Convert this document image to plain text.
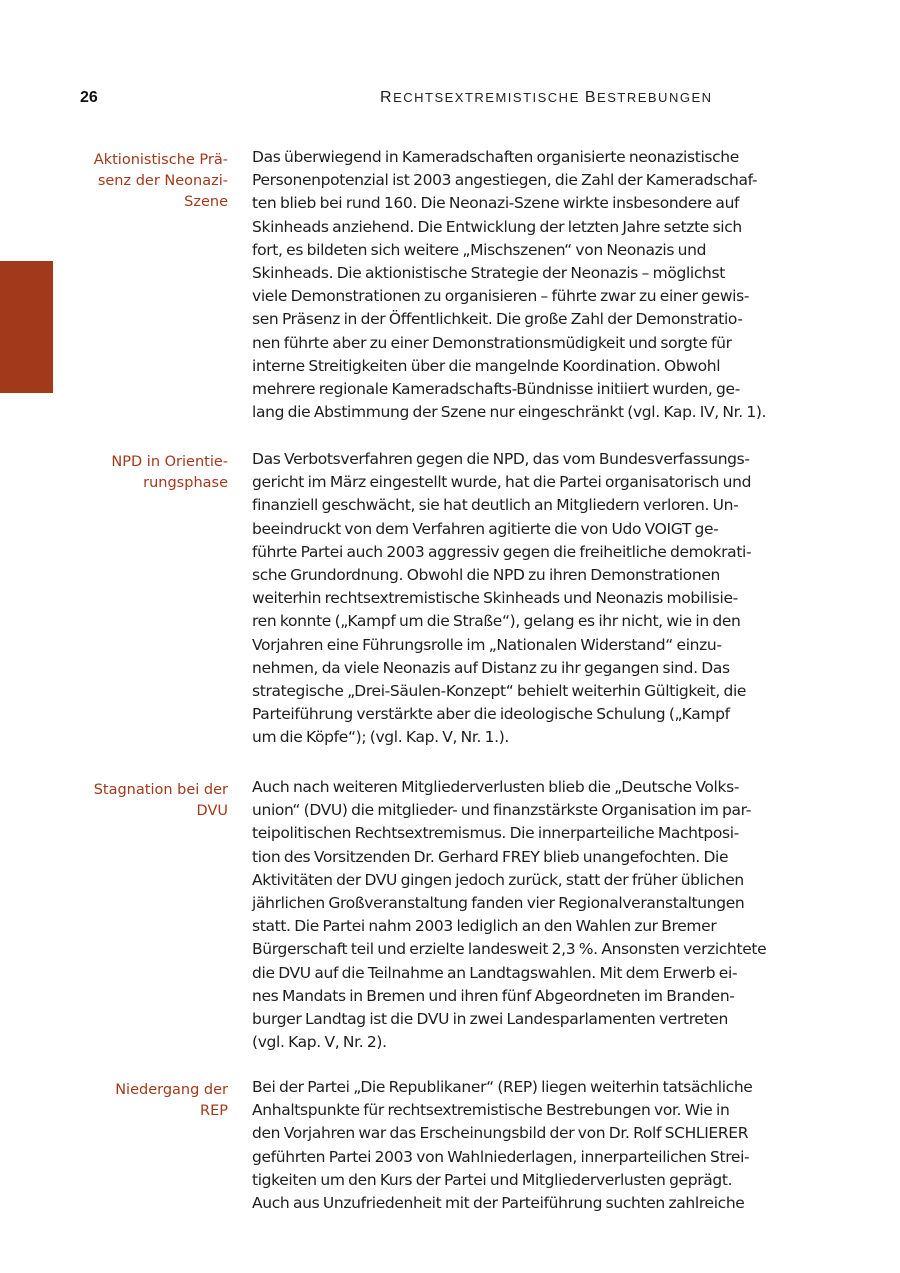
26	RECHTSEXTREMISTISCHE BESTREBUNGEN
Aktionistische Prä-
senz der Neonazi-
Szene

Das überwiegend in Kameradschaften organisierte neonazistische
Personenpotenzial ist 2003 angestiegen, die Zahl der Kameradschaf-
ten blieb bei rund 160. Die Neonazi-Szene wirkte insbesondere auf
Skinheads anziehend. Die Entwicklung der letzten Jahre setzte sich
fort, es bildeten sich weitere „Mischszenen“ von Neonazis und
Skinheads. Die aktionistische Strategie der Neonazis – möglichst
viele Demonstrationen zu organisieren – führte zwar zu einer gewis-
sen Präsenz in der Öffentlichkeit. Die große Zahl der Demonstratio-
nen führte aber zu einer Demonstrationsmüdigkeit und sorgte für
interne Streitigkeiten über die mangelnde Koordination. Obwohl
mehrere regionale Kameradschafts-Bündnisse initiiert wurden, ge-
lang die Abstimmung der Szene nur eingeschränkt (vgl. Kap. IV, Nr. 1).

NPD in Orientie-
rungsphase

Das Verbotsverfahren gegen die NPD, das vom Bundesverfassungs-
gericht im März eingestellt wurde, hat die Partei organisatorisch und
finanziell geschwächt, sie hat deutlich an Mitgliedern verloren. Un-
beeindruckt von dem Verfahren agitierte die von Udo VOIGT ge-
führte Partei auch 2003 aggressiv gegen die freiheitliche demokrati-
sche Grundordnung. Obwohl die NPD zu ihren Demonstrationen
weiterhin rechtsextremistische Skinheads und Neonazis mobilisie-
ren konnte („Kampf um die Straße“), gelang es ihr nicht, wie in den
Vorjahren eine Führungsrolle im „Nationalen Widerstand“ einzu-
nehmen, da viele Neonazis auf Distanz zu ihr gegangen sind. Das
strategische „Drei-Säulen-Konzept“ behielt weiterhin Gültigkeit, die
Parteiführung verstärkte aber die ideologische Schulung („Kampf
um die Köpfe“); (vgl. Kap. V, Nr. 1.).

Stagnation bei der
DVU

Auch nach weiteren Mitgliederverlusten blieb die „Deutsche Volks-
union“ (DVU) die mitglieder- und finanzstärkste Organisation im par-
teipolitischen Rechtsextremismus. Die innerparteiliche Machtposi-
tion des Vorsitzenden Dr. Gerhard FREY blieb unangefochten. Die
Aktivitäten der DVU gingen jedoch zurück, statt der früher üblichen
jährlichen Großveranstaltung fanden vier Regionalveranstaltungen
statt. Die Partei nahm 2003 lediglich an den Wahlen zur Bremer
Bürgerschaft teil und erzielte landesweit 2,3 %. Ansonsten verzichtete
die DVU auf die Teilnahme an Landtagswahlen. Mit dem Erwerb ei-
nes Mandats in Bremen und ihren fünf Abgeordneten im Branden-
burger Landtag ist die DVU in zwei Landesparlamenten vertreten
(vgl. Kap. V, Nr. 2).

Niedergang der
REP

Bei der Partei „Die Republikaner“ (REP) liegen weiterhin tatsächliche
Anhaltspunkte für rechtsextremistische Bestrebungen vor. Wie in
den Vorjahren war das Erscheinungsbild der von Dr. Rolf SCHLIERER
geführten Partei 2003 von Wahlniederlagen, innerparteilichen Strei-
tigkeiten um den Kurs der Partei und Mitgliederverlusten geprägt.
Auch aus Unzufriedenheit mit der Parteiführung suchten zahlreiche
